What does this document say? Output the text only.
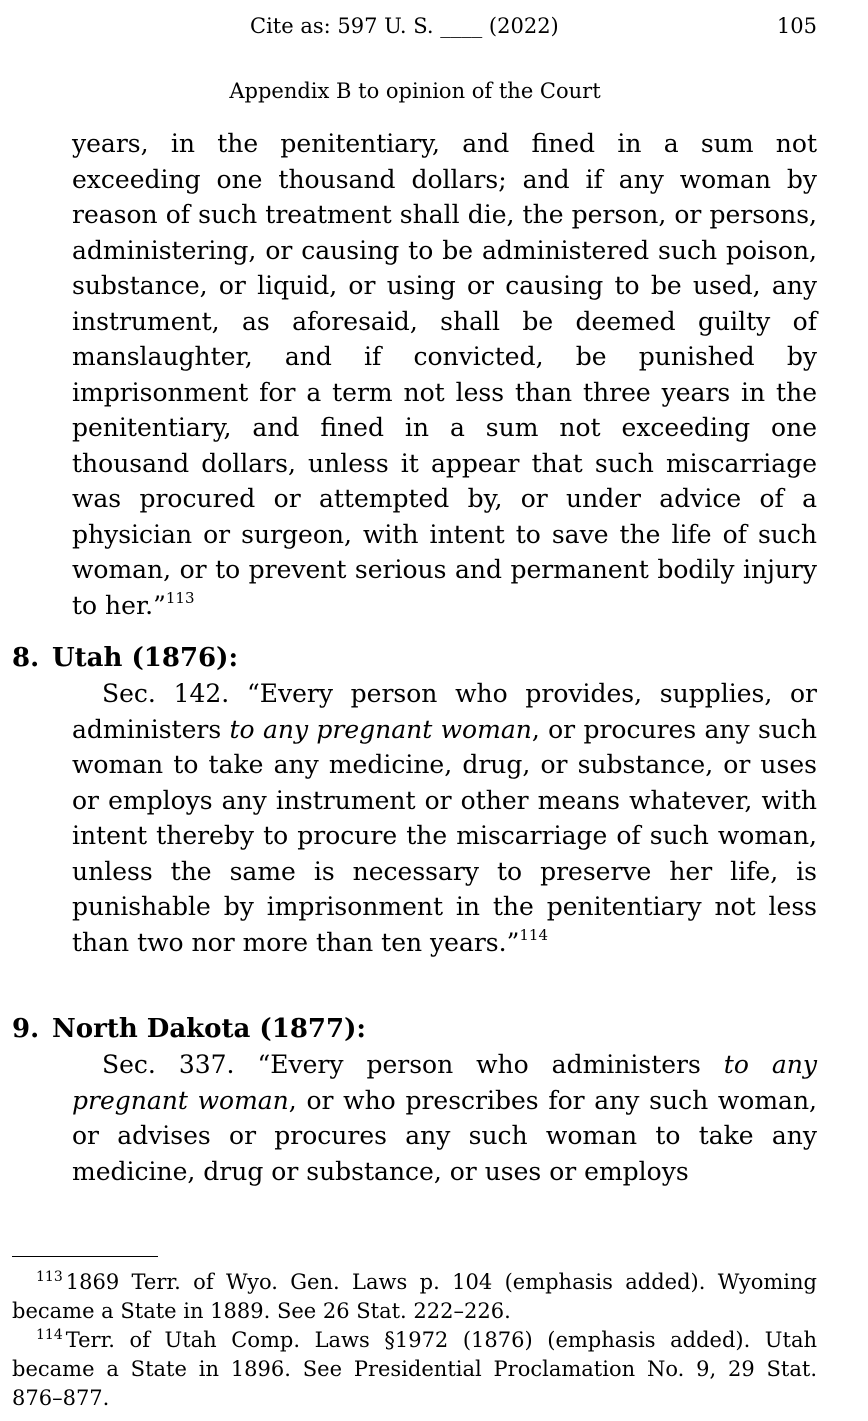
Cite as: 597 U. S. ____ (2022)	105
Appendix B to opinion of the Court

years, in the penitentiary, and fined in a sum not exceeding one thousand dollars; and if any woman by reason of such treatment shall die, the person, or persons, administering, or causing to be administered such poison, substance, or liquid, or using or causing to be used, any instrument, as aforesaid, shall be deemed guilty of manslaughter, and if convicted, be punished by imprisonment for a term not less than three years in the penitentiary, and fined in a sum not exceeding one thousand dollars, unless it appear that such miscarriage was procured or attempted by, or under advice of a physician or surgeon, with intent to save the life of such woman, or to prevent serious and permanent bodily injury to her.”$^{113}$

8. Utah (1876):

Sec. 142. “Every person who provides, supplies, or administers to any pregnant woman, or procures any such woman to take any medicine, drug, or substance, or uses or employs any instrument or other means whatever, with intent thereby to procure the miscarriage of such woman, unless the same is necessary to preserve her life, is punishable by imprisonment in the penitentiary not less than two nor more than ten years.”$^{114}$

9. North Dakota (1877):

Sec. 337. “Every person who administers to any pregnant woman, or who prescribes for any such woman, or advises or procures any such woman to take any medicine, drug or substance, or uses or employs

$^{113}$ 1869 Terr. of Wyo. Gen. Laws p. 104 (emphasis added). Wyoming became a State in 1889. See 26 Stat. 222–226.

$^{114}$ Terr. of Utah Comp. Laws §1972 (1876) (emphasis added). Utah became a State in 1896. See Presidential Proclamation No. 9, 29 Stat. 876–877.
